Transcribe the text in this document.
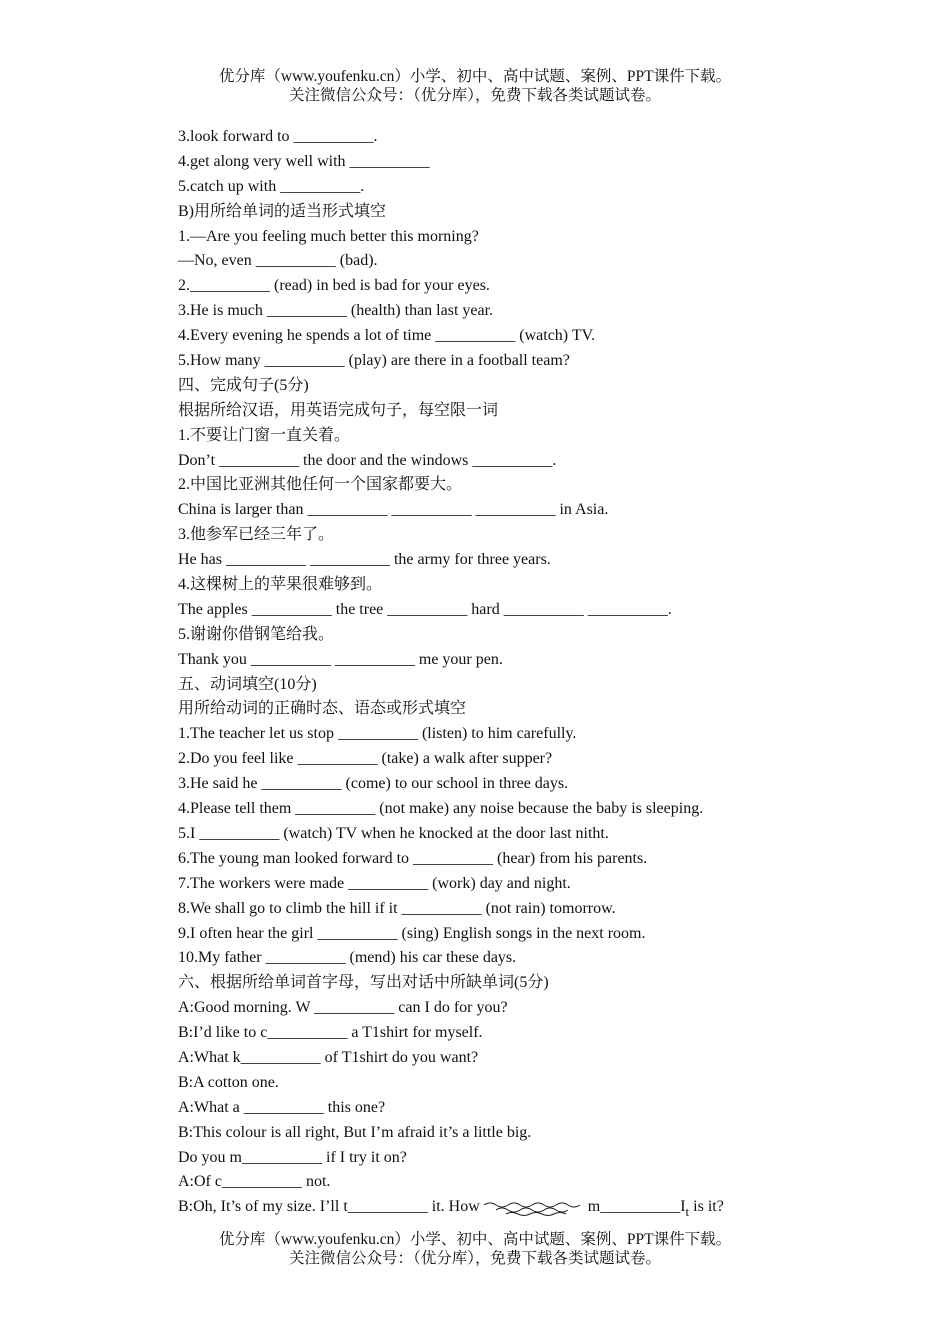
优分库（www.youfenku.cn）小学、初中、高中试题、案例、PPT课件下载。
关注微信公众号：（优分库），免费下载各类试题试卷。
3.look forward to __________.
4.get along very well with __________
5.catch up with __________.
B)用所给单词的适当形式填空
1.—Are you feeling much better this morning?
—No, even __________ (bad).
2.__________ (read) in bed is bad for your eyes.
3.He is much __________ (health) than last year.
4.Every evening he spends a lot of time __________ (watch) TV.
5.How many __________ (play) are there in a football team?
四、完成句子(5分)
根据所给汉语，用英语完成句子，每空限一词
1.不要让门窗一直关着。
Don’t __________ the door and the windows __________.
2.中国比亚洲其他任何一个国家都要大。
China is larger than __________ __________ __________ in Asia.
3.他参军已经三年了。
He has __________ __________ the army for three years.
4.这棵树上的苹果很难够到。
The apples __________ the tree __________ hard __________ __________.
5.谢谢你借钢笔给我。
Thank you __________ __________ me your pen.
五、动词填空(10分)
用所给动词的正确时态、语态或形式填空
1.The teacher let us stop __________ (listen) to him carefully.
2.Do you feel like __________ (take) a walk after supper?
3.He said he __________ (come) to our school in three days.
4.Please tell them __________ (not make) any noise because the baby is sleeping.
5.I __________ (watch) TV when he knocked at the door last nitht.
6.The young man looked forward to __________ (hear) from his parents.
7.The workers were made __________ (work) day and night.
8.We shall go to climb the hill if it __________ (not rain) tomorrow.
9.I often hear the girl __________ (sing) English songs in the next room.
10.My father __________ (mend) his car these days.
六、根据所给单词首字母，写出对话中所缺单词(5分)
A:Good morning. W __________ can I do for you?
B:I’d like to c__________ a T1shirt for myself.
A:What k__________ of T1shirt do you want?
B:A cotton one.
A:What a __________ this one?
B:This colour is all right, But I’m afraid it’s a little big.
Do you m__________ if I try it on?
A:Of c__________ not.
B:Oh, It’s of my size. I’ll t__________ it. How	$m\_\_\_\_\_\_\_\_\_\_I_t$ is it?
优分库（www.youfenku.cn）小学、初中、高中试题、案例、PPT课件下载。
关注微信公众号：（优分库），免费下载各类试题试卷。
